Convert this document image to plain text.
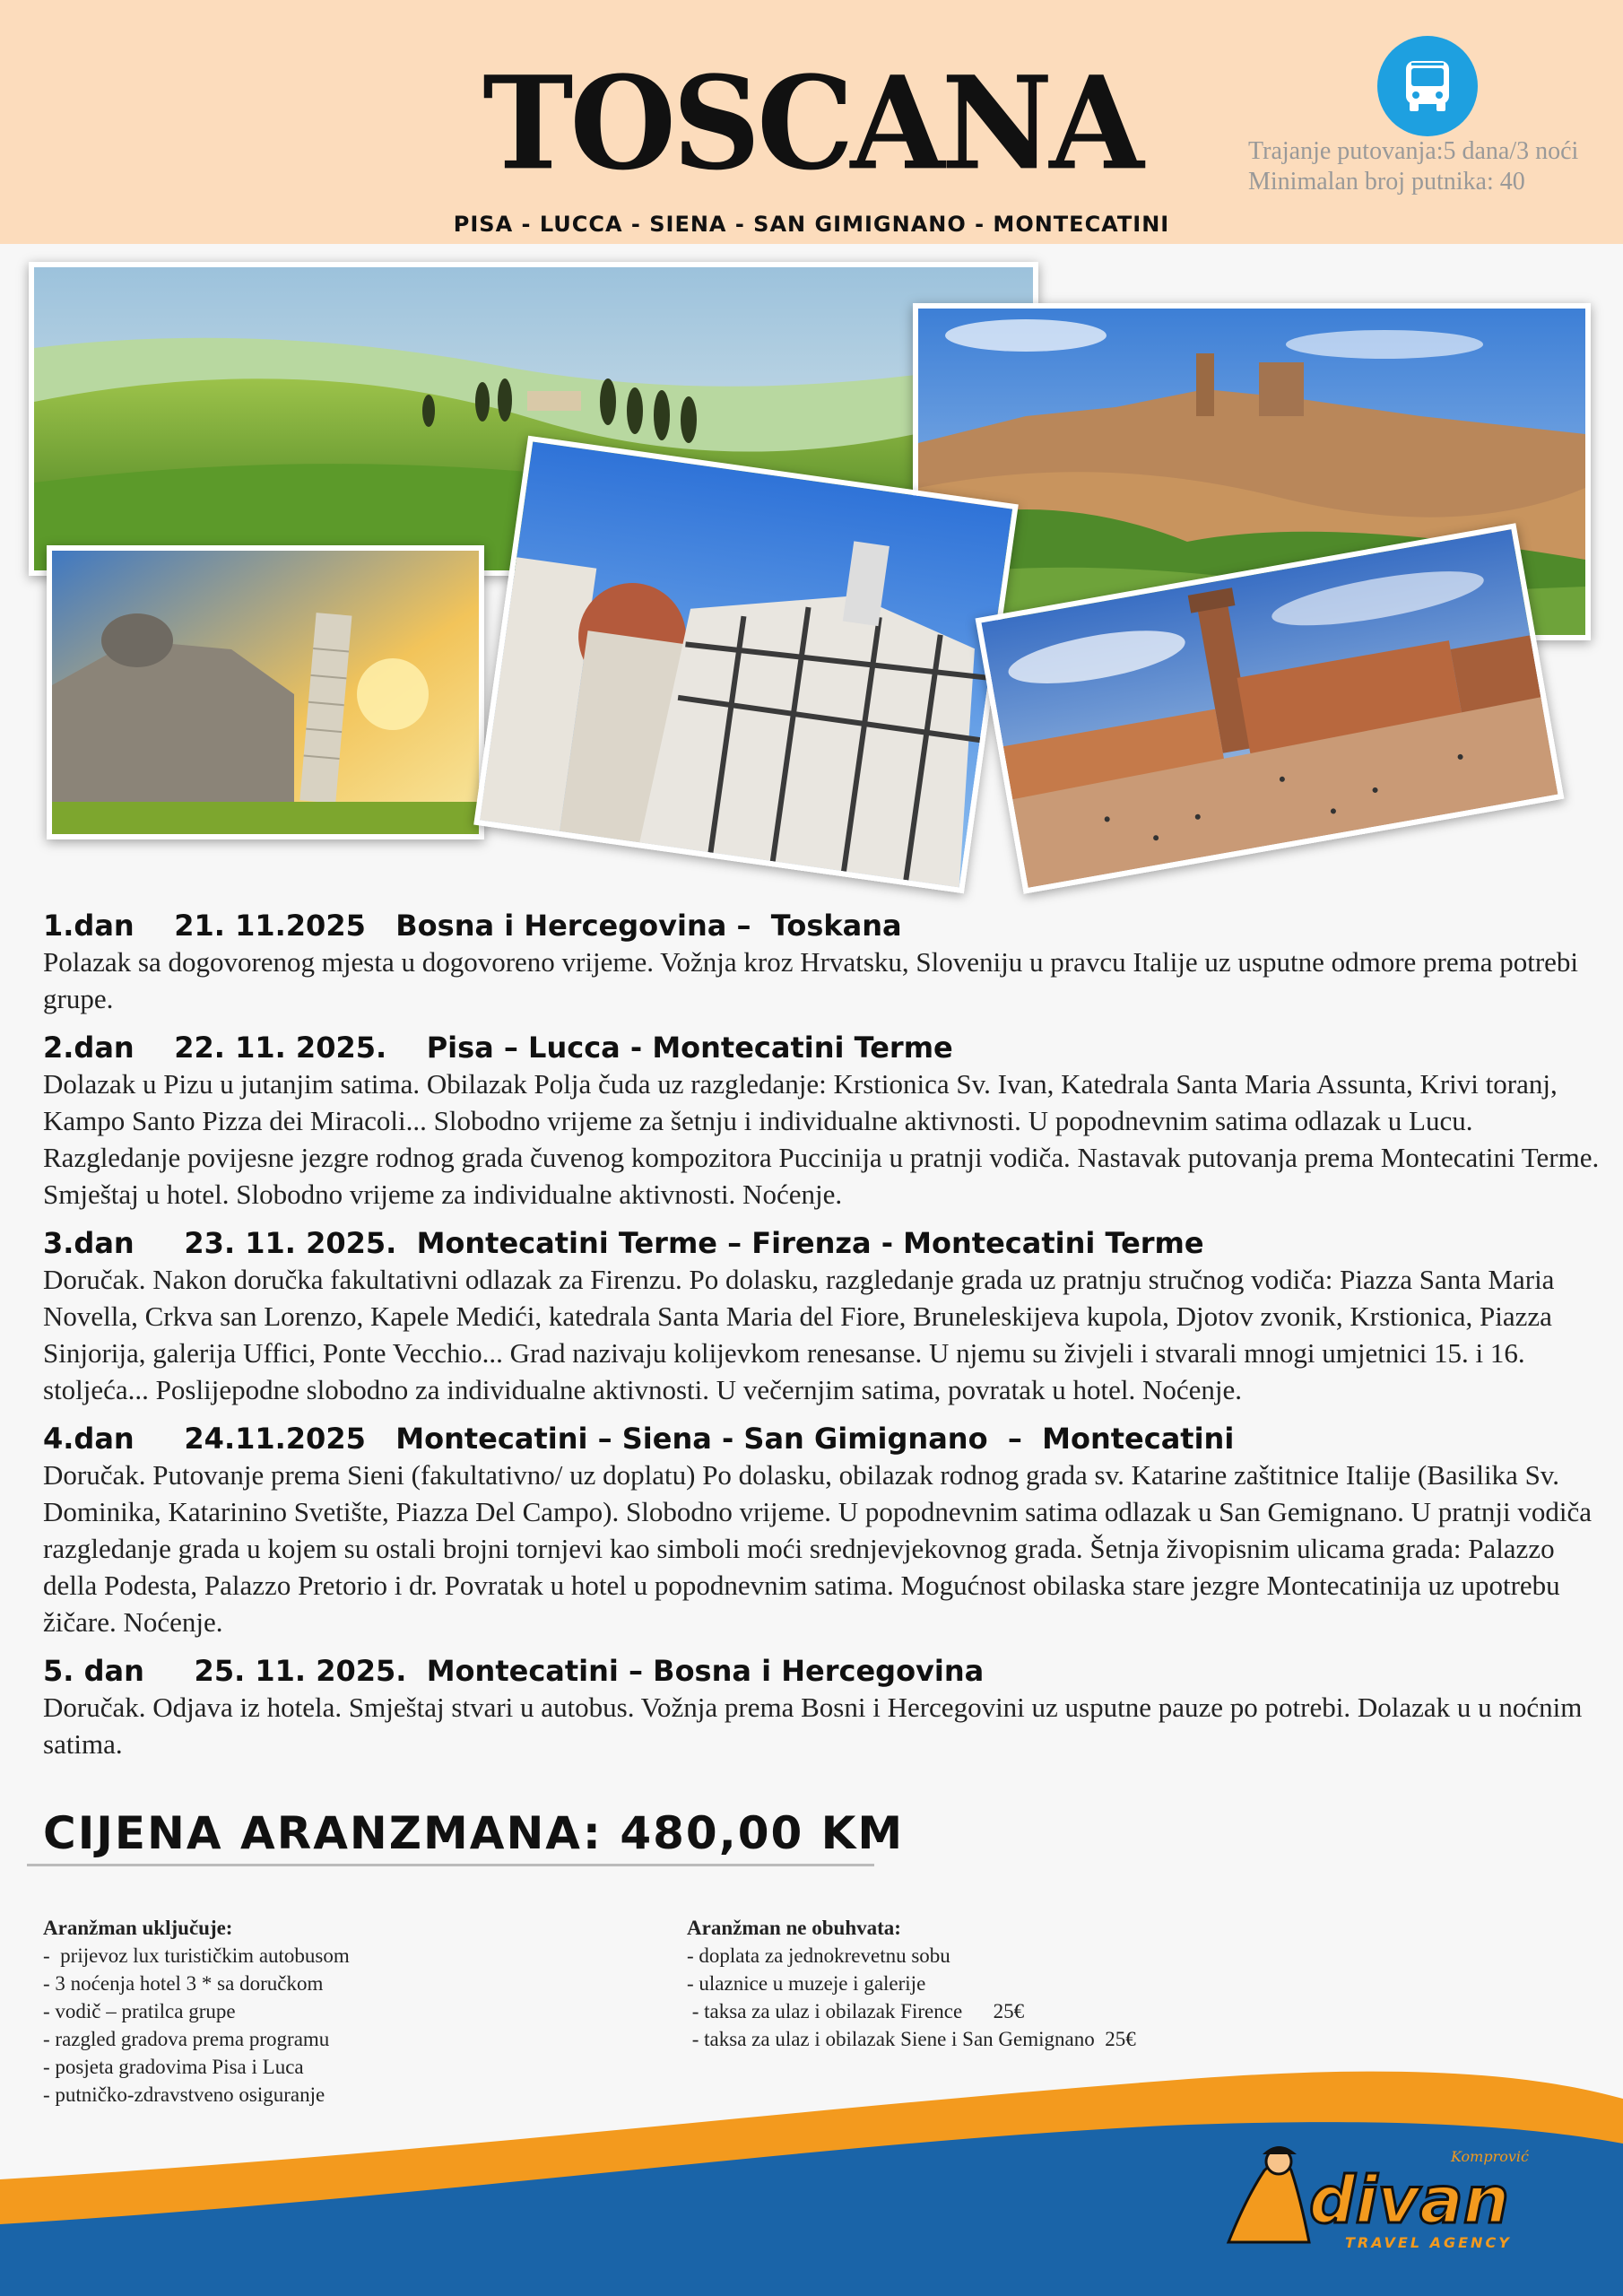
TOSCANA
PISA - LUCCA - SIENA - SAN GIMIGNANO - MONTECATINI
Trajanje putovanja:5 dana/3 noći
Minimalan broj putnika: 40
1.dan    21. 11.2025   Bosna i Hercegovina –  Toskana
Polazak sa dogovorenog mjesta u dogovoreno vrijeme. Vožnja kroz Hrvatsku, Sloveniju u pravcu Italije uz usputne odmore prema potrebi grupe.
2.dan    22. 11. 2025.    Pisa – Lucca - Montecatini Terme
Dolazak u Pizu u jutanjim satima. Obilazak Polja čuda uz razgledanje: Krstionica Sv. Ivan, Katedrala Santa Maria Assunta, Krivi toranj, Kampo Santo Pizza dei Miracoli... Slobodno vrijeme za šetnju i individualne aktivnosti. U popodnevnim satima odlazak u Lucu. Razgledanje povijesne jezgre rodnog grada čuvenog kompozitora Puccinija u pratnji vodiča. Nastavak putovanja prema Montecatini Terme. Smještaj u hotel. Slobodno vrijeme za individualne aktivnosti. Noćenje.
3.dan     23. 11. 2025.  Montecatini Terme – Firenza - Montecatini Terme
Doručak. Nakon doručka fakultativni odlazak za Firenzu. Po dolasku, razgledanje grada uz pratnju stručnog vodiča: Piazza Santa Maria Novella, Crkva san Lorenzo, Kapele Medići, katedrala Santa Maria del Fiore, Bruneleskijeva kupola, Djotov zvonik, Krstionica, Piazza Sinjorija, galerija Uffici, Ponte Vecchio... Grad nazivaju kolijevkom renesanse. U njemu su živjeli i stvarali mnogi umjetnici 15. i 16. stoljeća... Poslijepodne slobodno za individualne aktivnosti. U večernjim satima, povratak u hotel. Noćenje.
4.dan     24.11.2025   Montecatini – Siena - San Gimignano  –  Montecatini
Doručak. Putovanje prema Sieni (fakultativno/ uz doplatu) Po dolasku, obilazak rodnog grada sv. Katarine zaštitnice Italije (Basilika Sv. Dominika, Katarinino Svetište, Piazza Del Campo). Slobodno vrijeme. U popodnevnim satima odlazak u San Gemignano. U pratnji vodiča razgledanje grada u kojem su ostali brojni tornjevi kao simboli moći srednjevjekovnog grada. Šetnja živopisnim ulicama grada: Palazzo della Podesta, Palazzo Pretorio i dr. Povratak u hotel u popodnevnim satima. Mogućnost obilaska stare jezgre Montecatinija uz upotrebu žičare. Noćenje.
5. dan     25. 11. 2025.  Montecatini – Bosna i Hercegovina
Doručak. Odjava iz hotela. Smještaj stvari u autobus. Vožnja prema Bosni i Hercegovini uz usputne pauze po potrebi. Dolazak u u noćnim satima.
CIJENA ARANZMANA: 480,00 KM
Aranžman uključuje:
-  prijevoz lux turističkim autobusom
- 3 noćenja hotel 3 * sa doručkom
- vodič – pratilca grupe
- razgled gradova prema programu
- posjeta gradovima Pisa i Luca
- putničko-zdravstveno osiguranje
Aranžman ne obuhvata:
- doplata za jednokrevetnu sobu
- ulaznice u muzeje i galerije
- taksa za ulaz i obilazak Firence      25€
- taksa za ulaz i obilazak Siene i San Gemignano  25€
Komprović
divan
TRAVEL AGENCY
